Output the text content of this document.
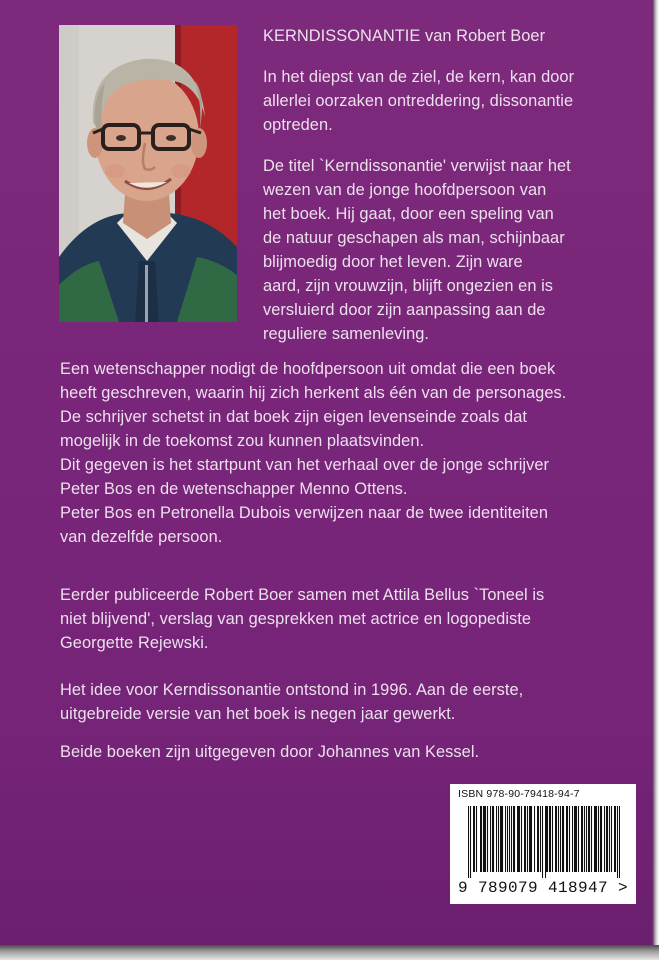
KERNDISSONANTIE van Robert Boer

In het diepst van de ziel, de kern, kan door
allerlei oorzaken ontreddering, dissonantie
optreden.

De titel `Kerndissonantie' verwijst naar het
wezen van de jonge hoofdpersoon van
het boek. Hij gaat, door een speling van
de natuur geschapen als man, schijnbaar
blijmoedig door het leven. Zijn ware
aard, zijn vrouwzijn, blijft ongezien en is
versluierd door zijn aanpassing aan de
reguliere samenleving.

Een wetenschapper nodigt de hoofdpersoon uit omdat die een boek
heeft geschreven, waarin hij zich herkent als één van de personages.
De schrijver schetst in dat boek zijn eigen levenseinde zoals dat
mogelijk in de toekomst zou kunnen plaatsvinden.
Dit gegeven is het startpunt van het verhaal over de jonge schrijver
Peter Bos en de wetenschapper Menno Ottens.
Peter Bos en Petronella Dubois verwijzen naar de twee identiteiten
van dezelfde persoon.

Eerder publiceerde Robert Boer samen met Attila Bellus `Toneel is
niet blijvend', verslag van gesprekken met actrice en logopediste
Georgette Rejewski.

Het idee voor Kerndissonantie ontstond in 1996. Aan de eerste,
uitgebreide versie van het boek is negen jaar gewerkt.

Beide boeken zijn uitgegeven door Johannes van Kessel.

ISBN 978-90-79418-94-7
9 789079 418947 >
